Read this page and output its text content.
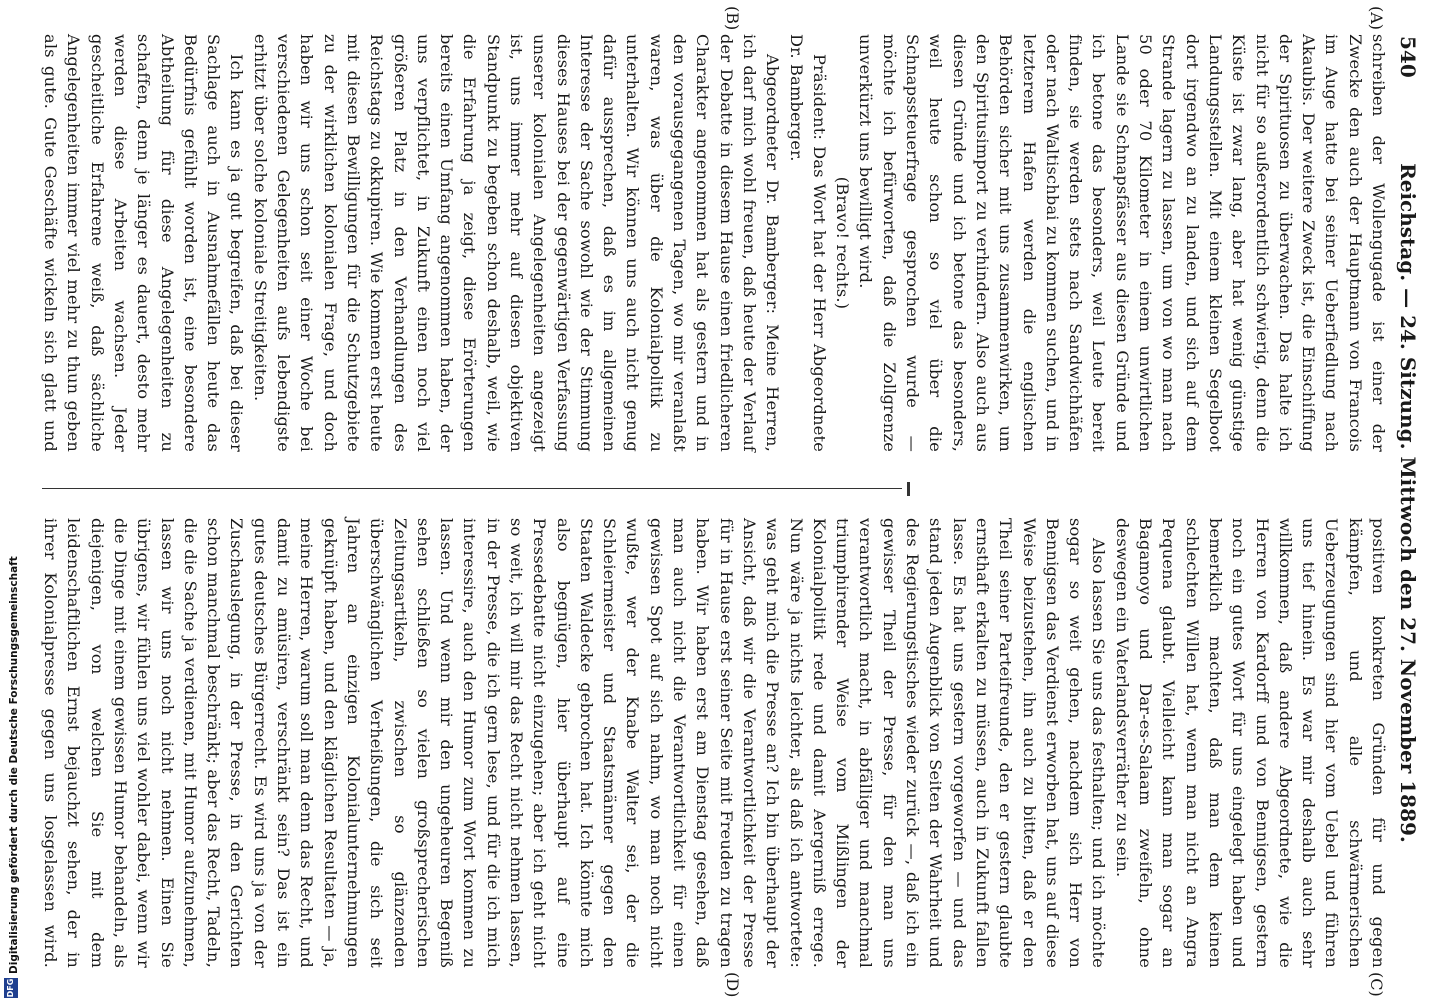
540
Reichstag. — 24. Sitzung. Mittwoch den 27. November 1889.
(A)
(B)
(C)
(D)

schreiben der Wollengugade ist einer der Zwecke den auch der Hauptmann von Francois im Auge hatte bei seiner Ueberfiedlung nach Akaubis. Der weitere Zweck ist, die Einschiffung der Spirituosen zu überwachen. Das halte ich nicht für so außerordentlich schwierig, denn die Küste ist zwar lang, aber hat wenig günstige Landungsstellen. Mit einem kleinen Segelboot dort irgendwo an zu landen, und sich auf dem Strande lagern zu lassen, um von wo man nach 50 oder 70 Kilometer in einem unwirtlichen Lande sie Schnapsfässer aus diesen Gründe und ich betone das besonders, weil Leute bereit finden, sie werden stets nach Sandwichhäfen oder nach Waltischbai zu kommen suchen, und in letzterem Hafen werden die englischen Behörden sicher mit uns zusammenwirken, um den Spiritusimport zu verhindern. Also auch aus diesen Gründe und ich betone das besonders, weil heute schon so viel über die Schnapssteuerfrage gesprochen wurde — möchte ich befürworten, daß die Zollgrenze unverkürzt uns bewilligt wird.

(Bravo! rechts.)

Präsident: Das Wort hat der Herr Abgeordnete Dr. Bamberger.

Abgeordneter Dr. Bamberger: Meine Herren, ich darf mich wohl freuen, daß heute der Verlauf der Debatte in diesem Hause einen friedlicheren Charakter angenommen hat als gestern und in den vorausgegangenen Tagen, wo mir veranlaßt waren, was über die Kolonialpolitik zu unterhalten. Wir können uns auch nicht genug dafür aussprechen, daß es im allgemeinen Interesse der Sache sowohl wie der Stimmung dieses Hauses bei der gegenwärtigen Verfassung unserer kolonialen Angelegenheiten angezeigt ist, uns immer mehr auf diesen objektiven Standpunkt zu begeben schon deshalb, weil, wie die Erfahrung ja zeigt, diese Erörterungen bereits einen Umfang angenommen haben, der uns verpflichtet, in Zukunft einen noch viel größeren Platz in den Verhandlungen des Reichstags zu okkupiren. Wie kommen erst heute mit diesen Bewilligungen für die Schutzgebiete zu der wirklichen kolonialen Frage, und doch haben wir uns schon seit einer Woche bei verschiedenen Gelegenheiten aufs lebendigste erhitzt über solche koloniale Streitigkeiten.

Ich kann es ja gut begreifen, daß bei dieser Sachlage auch in Ausnahmefällen heute das Bedürfnis gefühlt worden ist, eine besondere Abtheilung für diese Angelegenheiten zu schaffen, denn je länger es dauert, desto mehr werden diese Arbeiten wachsen. Jeder gescheitliche Erfahrene weiß, daß sächliche Angelegenheiten immer viel mehr zu thun geben als gute. Gute Geschäfte wickeln sich glatt und

positiven konkreten Gründen für und gegen kämpfen, und alle schwärmerischen Ueberzeugungen sind hier vom Uebel und führen uns tief hinein. Es war mir deshalb auch sehr willkommen, daß andere Abgeordnete, wie die Herren von Kardorff und von Bennigsen, gestern noch ein gutes Wort für uns eingelegt haben und bemerklich machten, daß man dem keinen schlechten Willen hat, wenn man nicht an Angra Pequena glaubt. Vielleicht kann man sogar an Bagamoyo und Dar-es-Salaam zweifeln, ohne deswegen ein Vaterlandsverräther zu sein.

Also lassen Sie uns das festhalten; und ich möchte sogar so weit gehen, nachdem sich Herr von Bennigsen das Verdienst erworben hat, uns auf diese Weise beizustehen, ihn auch zu bitten, daß er den Theil seiner Parteifreunde, den er gestern glaubte ernsthaft erkalten zu müssen, auch in Zukunft fallen lasse. Es hat uns gestern vorgeworfen — und das stand jeden Augenblick von Seiten der Wahrheit und des Regierungstisches wieder zurück —, daß ich ein gewisser Theil der Presse, für den man uns verantwortlich macht, in abfälliger und manchmal triumphirender Weise vom Mißlingen der Kolonialpolitik rede und damit Aergerniß errege. Nun wäre ja nichts leichter, als daß ich antwortete: was geht mich die Presse an? Ich bin überhaupt der Ansicht, daß wir die Verantwortlichkeit der Presse für in Hause erst seiner Seite mit Freuden zu tragen haben. Wir haben erst am Dienstag gesehen, daß man auch nicht die Verantwortlichkeit für einen gewissen Spot auf sich nahm, wo man noch nicht wußte, wer der Knabe Walter sei, der die Schleiermeister und Staatsmänner gegen den Staaten Waldecke gebrochen hat. Ich könnte mich also begnügen, hier überhaupt auf eine Pressedebatte nicht einzugehen; aber ich geht nicht so weit, ich will mir das Recht nicht nehmen lassen, in der Presse, die ich gern lese, und für die ich mich interessire, auch den Humor zum Wort kommen zu lassen. Und wenn mir den ungeheuren Begeniß sehen schließen so vielen großsprecherischen Zeitungsartikeln, zwischen so glänzenden überschwänglichen Verheißungen, die sich seit Jahren an einzigen Kolonialunternehmungen geknüpft haben, und den kläglichen Resultaten — ja, meine Herren, warum soll man denn das Recht, und damit zu amüsiren, verschränkt sein? Das ist ein gutes deutsches Bürgerrecht. Es wird uns ja von der Zuschauslegung, in der Presse, in den Gerichten schon manchmal beschränkt; aber das Recht, Tadeln, die die Sache ja verdienen, mit Humor aufzunehmen, lassen wir uns noch nicht nehmen. Einen Sie übrigens, wir fühlen uns viel wohler dabei, wenn wir die Dinge mit einem gewissen Humor behandeln, als diejenigen, von welchen Sie mit dem leidenschaftlichen Ernst bejauchzt sehen, der in ihrer Kolonialpresse gegen uns losgelassen wird.

DFG
Digitalisierung gefördert durch die Deutsche Forschungsgemeinschaft
